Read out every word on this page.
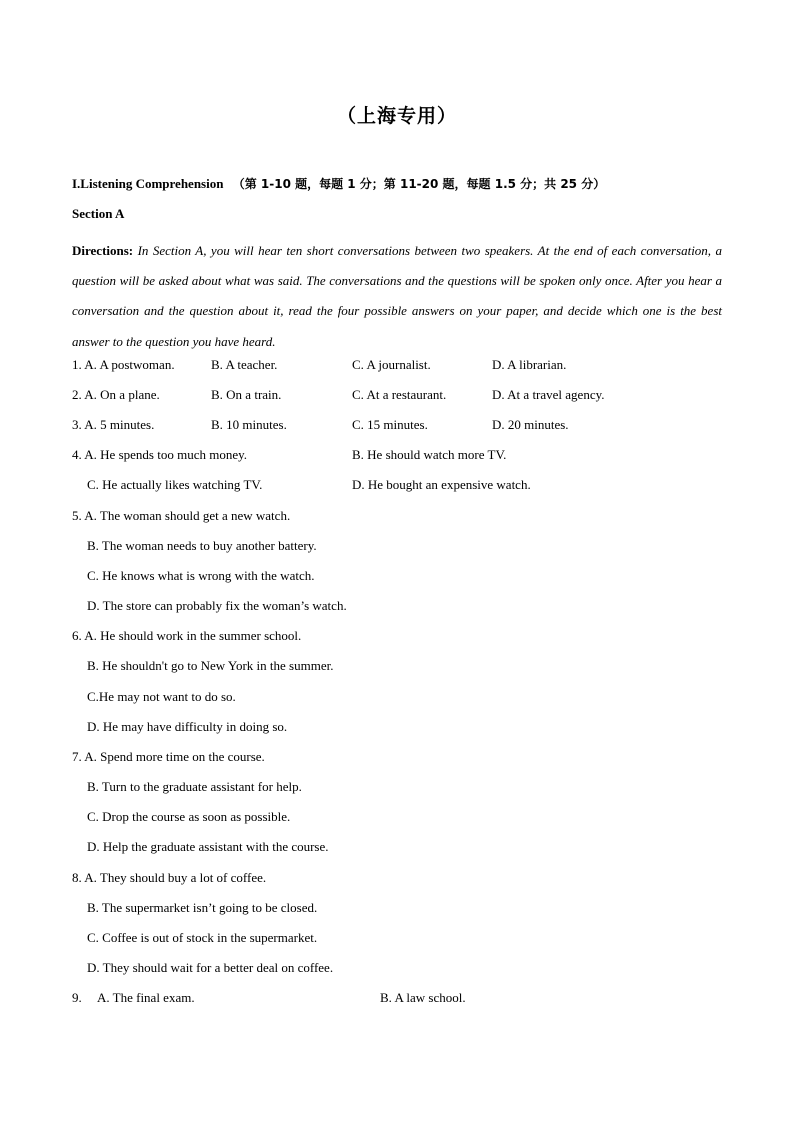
（上海专用）
I.Listening Comprehension （第 1-10 题，每题 1 分；第 11-20 题，每题 1.5 分；共 25 分）
Section A
Directions: In Section A, you will hear ten short conversations between two speakers. At the end of each conversation, a question will be asked about what was said. The conversations and the questions will be spoken only once. After you hear a conversation and the question about it, read the four possible answers on your paper, and decide which one is the best answer to the question you have heard.
1. A. A postwoman.	B. A teacher.	C. A journalist.	D. A librarian.
2. A. On a plane.	B. On a train.	C. At a restaurant.	D. At a travel agency.
3. A. 5 minutes.	B. 10 minutes.	C. 15 minutes.	D. 20 minutes.
4. A. He spends too much money.	B. He should watch more TV.
C. He actually likes watching TV.	D. He bought an expensive watch.
5. A. The woman should get a new watch.
B. The woman needs to buy another battery.
C. He knows what is wrong with the watch.
D. The store can probably fix the woman’s watch.
6. A. He should work in the summer school.
B. He shouldn't go to New York in the summer.
C.He may not want to do so.
D. He may have difficulty in doing so.
7. A. Spend more time on the course.
B. Turn to the graduate assistant for help.
C. Drop the course as soon as possible.
D. Help the graduate assistant with the course.
8. A. They should buy a lot of coffee.
B. The supermarket isn’t going to be closed.
C. Coffee is out of stock in the supermarket.
D. They should wait for a better deal on coffee.
9. A. The final exam.	B. A law school.
